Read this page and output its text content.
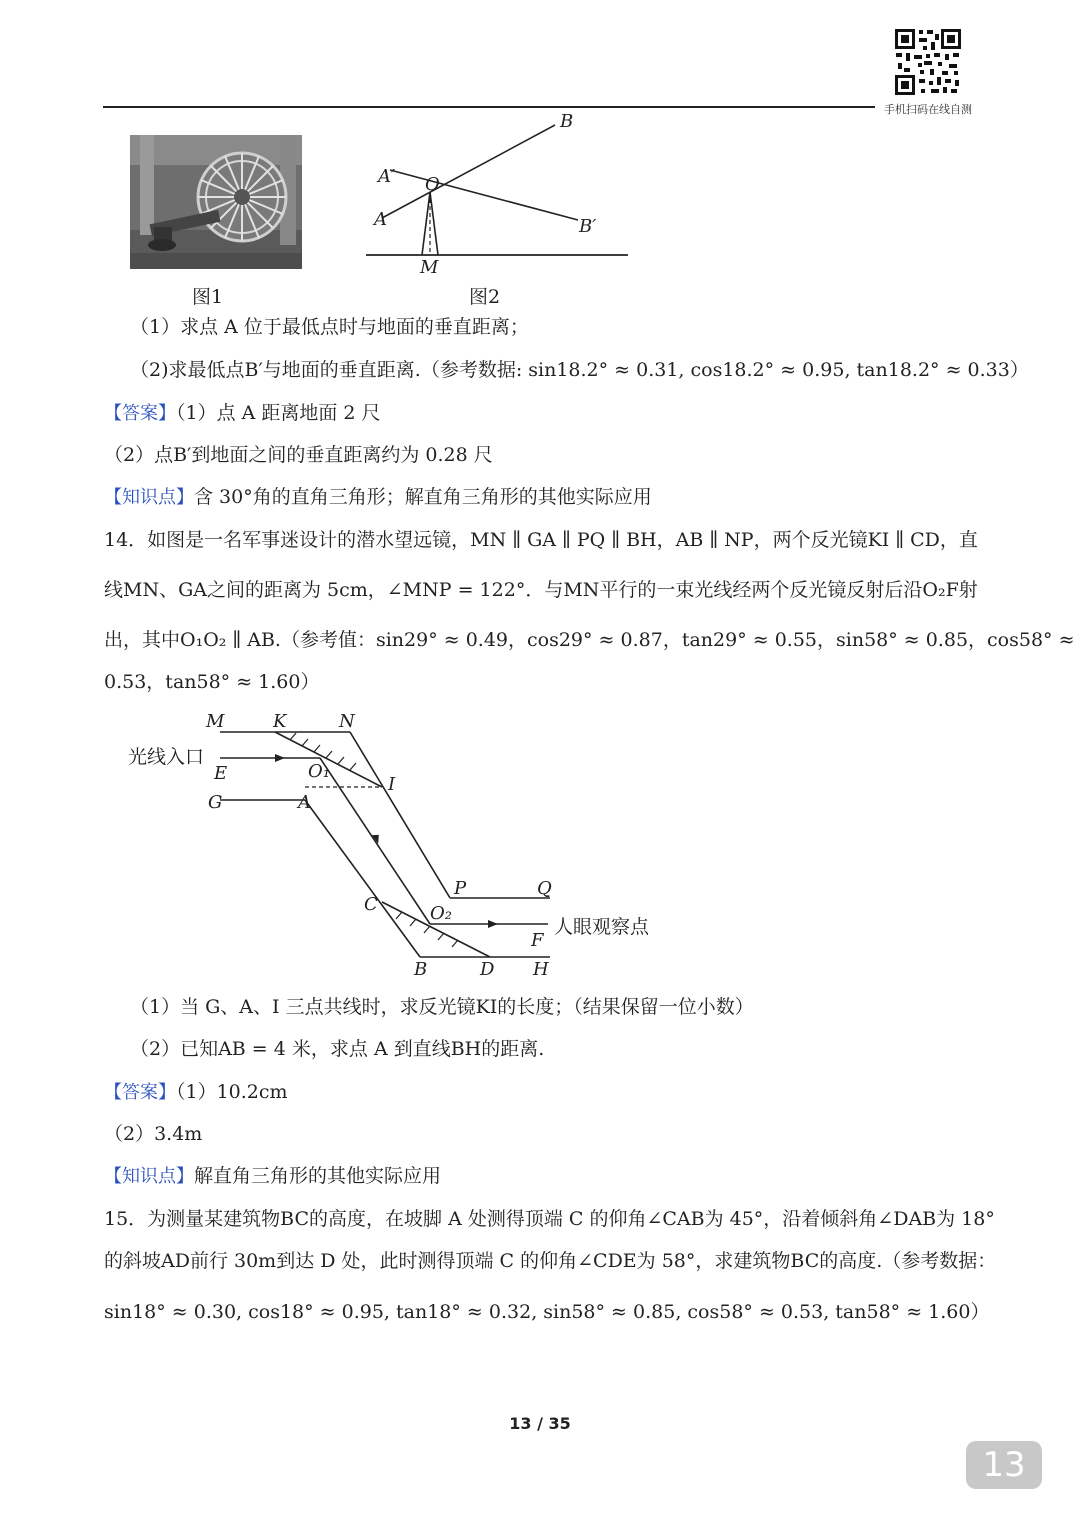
手机扫码在线自测
图1
B
A′ O
A	B′
M
图2
（1）求点 A 位于最低点时与地面的垂直距离；
（2)求最低点B′与地面的垂直距离.（参考数据: sin18.2° ≈ 0.31, cos18.2° ≈ 0.95, tan18.2° ≈ 0.33）
【答案】（1）点 A 距离地面 2 尺
（2）点B′到地面之间的垂直距离约为 0.28 尺
【知识点】含 30°角的直角三角形；解直角三角形的其他实际应用
14．如图是一名军事迷设计的潜水望远镜，MN ∥ GA ∥ PQ ∥ BH，AB ∥ NP，两个反光镜KI ∥ CD，直
线MN、GA之间的距离为 5cm，∠MNP = 122°．与MN平行的一束光线经两个反光镜反射后沿O₂F射
出，其中O₁O₂ ∥ AB.（参考值：sin29° ≈ 0.49，cos29° ≈ 0.87，tan29° ≈ 0.55，sin58° ≈ 0.85，cos58° ≈
0.53，tan58° ≈ 1.60）
M	K	N
光线入口
E	O₁
I
G	A
P	Q
C	O₂
人眼观察点
F
B	D H
（1）当 G、A、I 三点共线时，求反光镜KI的长度；（结果保留一位小数）
（2）已知AB = 4 米，求点 A 到直线BH的距离.
【答案】（1）10.2cm
（2）3.4m
【知识点】解直角三角形的其他实际应用
15．为测量某建筑物BC的高度，在坡脚 A 处测得顶端 C 的仰角∠CAB为 45°，沿着倾斜角∠DAB为 18°
的斜坡AD前行 30m到达 D 处，此时测得顶端 C 的仰角∠CDE为 58°，求建筑物BC的高度.（参考数据：
sin18° ≈ 0.30, cos18° ≈ 0.95, tan18° ≈ 0.32, sin58° ≈ 0.85, cos58° ≈ 0.53, tan58° ≈ 1.60）
13 / 35
13
